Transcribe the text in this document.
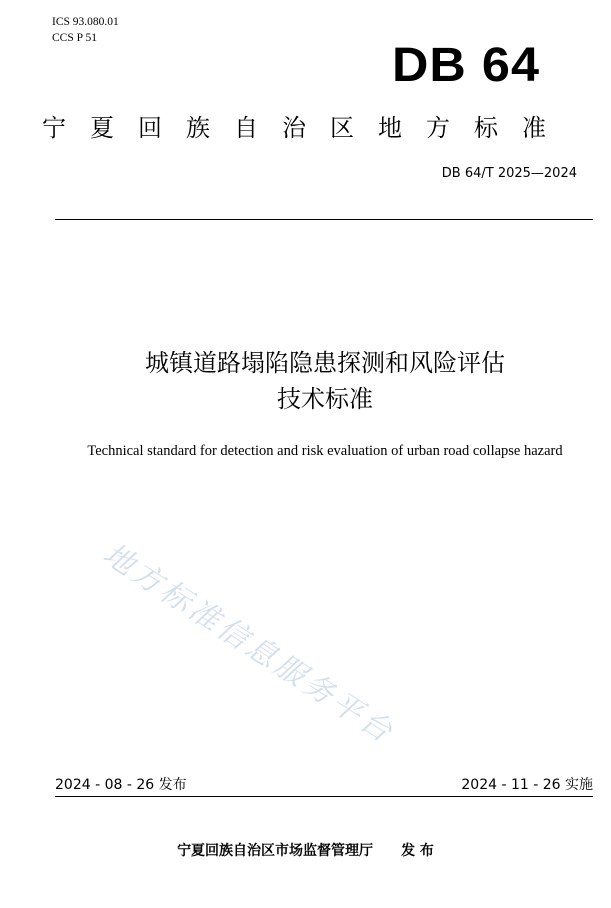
ICS 93.080.01
CCS P 51
DB 64
宁夏回族自治区地方标准
DB 64/T 2025—2024
城镇道路塌陷隐患探测和风险评估
技术标准
Technical standard for detection and risk evaluation of urban road collapse hazard
地方标准信息服务平台
2024 - 08 - 26 发布	2024 - 11 - 26 实施
宁夏回族自治区市场监督管理厅 发 布
